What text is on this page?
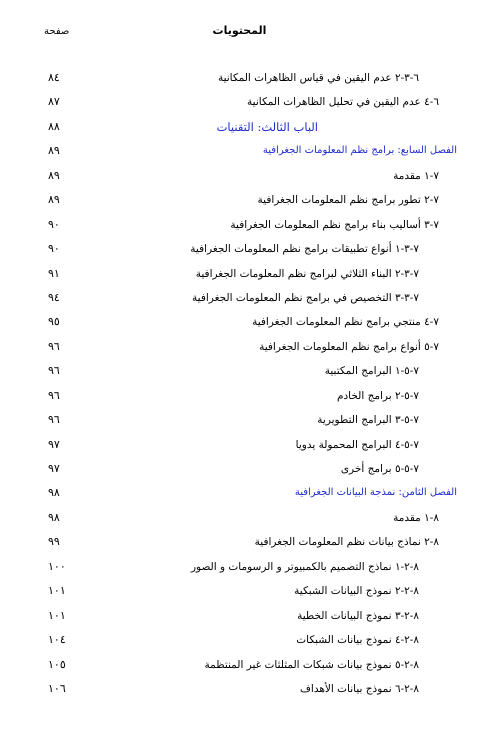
المحتويات
صفحة
٦-٣-٢ عدم اليقين في قياس الظاهرات المكانية
٨٤
٦-٤ عدم اليقين في تحليل الظاهرات المكانية
٨٧
الباب الثالث: التقنيات
٨٨
الفصل السابع: برامج نظم المعلومات الجغرافية
٨٩
٧-١ مقدمة
٨٩
٧-٢ تطور برامج نظم المعلومات الجغرافية
٨٩
٧-٣ أساليب بناء برامج نظم المعلومات الجغرافية
٩٠
٧-٣-١ أنواع تطبيقات برامج نظم المعلومات الجغرافية
٩٠
٧-٣-٢ البناء الثلاثي لبرامج نظم المعلومات الجغرافية
٩١
٧-٣-٣ التخصيص في برامج نظم المعلومات الجغرافية
٩٤
٧-٤ منتجي برامج نظم المعلومات الجغرافية
٩٥
٧-٥ أنواع برامج نظم المعلومات الجغرافية
٩٦
٧-٥-١ البرامج المكتبية
٩٦
٧-٥-٢ برامج الخادم
٩٦
٧-٥-٣ البرامج التطويرية
٩٦
٧-٥-٤ البرامج المحمولة يدويا
٩٧
٧-٥-٥ برامج أخرى
٩٧
الفصل الثامن: نمذجة البيانات الجغرافية
٩٨
٨-١ مقدمة
٩٨
٨-٢ نماذج بيانات نظم المعلومات الجغرافية
٩٩
٨-٢-١ نماذج التصميم بالكمبيوتر و الرسومات و الصور
١٠٠
٨-٢-٢ نموذج البيانات الشبكية
١٠١
٨-٢-٣ نموذج البيانات الخطية
١٠١
٨-٢-٤ نموذج بيانات الشبكات
١٠٤
٨-٢-٥ نموذج بيانات شبكات المثلثات غير المنتظمة
١٠٥
٨-٢-٦ نموذج بيانات الأهداف
١٠٦
